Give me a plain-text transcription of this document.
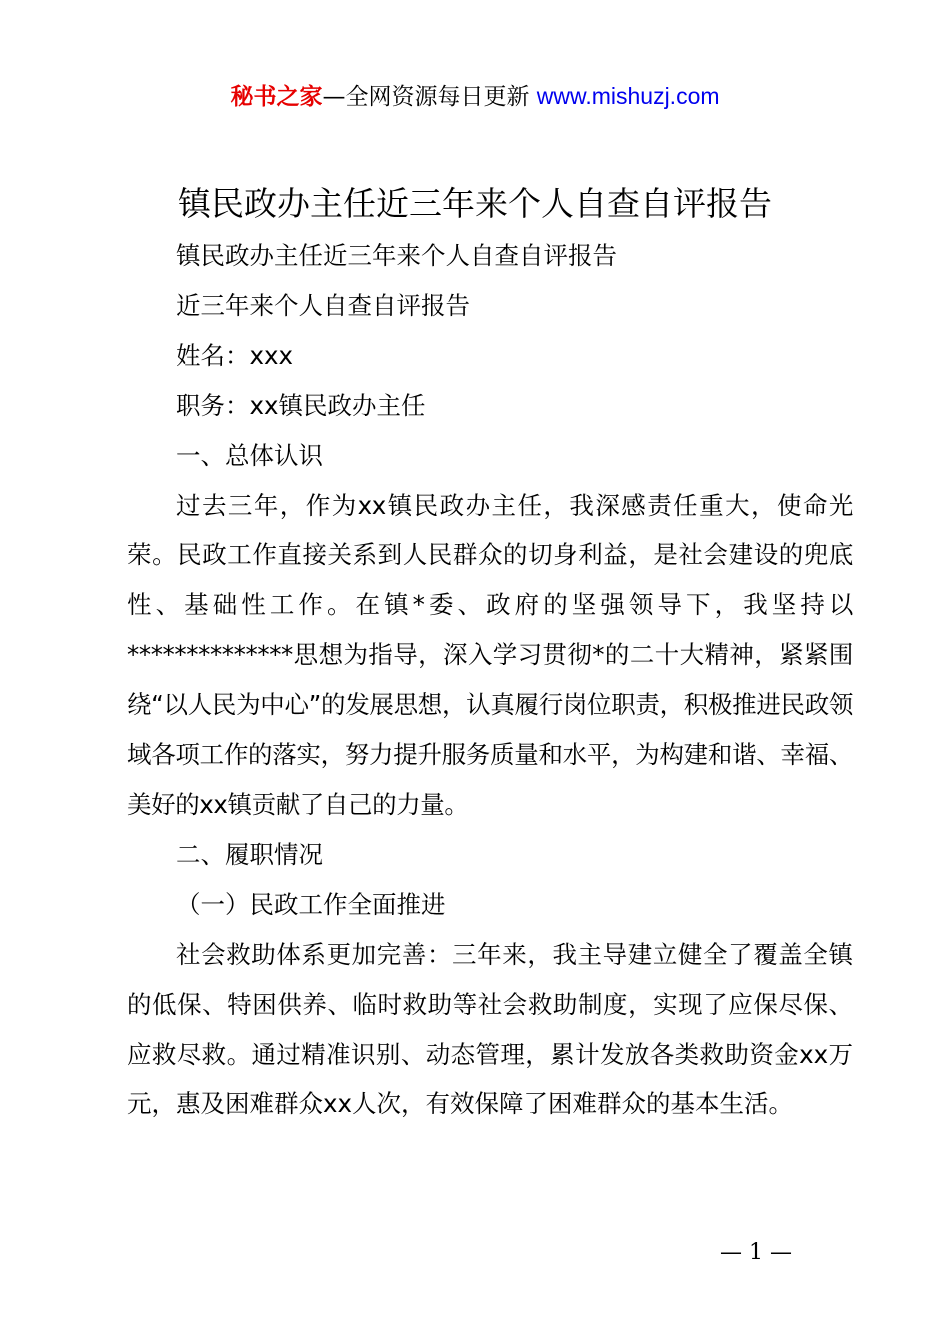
秘书之家—全网资源每日更新 www.mishuzj.com
镇民政办主任近三年来个人自查自评报告

镇民政办主任近三年来个人自查自评报告

近三年来个人自查自评报告

姓名：xxx

职务：xx镇民政办主任

一、总体认识

过去三年，作为xx镇民政办主任，我深感责任重大，使命光荣。民政工作直接关系到人民群众的切身利益，是社会建设的兜底性、基础性工作。在镇*委、政府的坚强领导下，我坚持以**************思想为指导，深入学习贯彻*的二十大精神，紧紧围绕“以人民为中心”的发展思想，认真履行岗位职责，积极推进民政领域各项工作的落实，努力提升服务质量和水平，为构建和谐、幸福、美好的xx镇贡献了自己的力量。

二、履职情况

（一）民政工作全面推进

社会救助体系更加完善：三年来，我主导建立健全了覆盖全镇的低保、特困供养、临时救助等社会救助制度，实现了应保尽保、应救尽救。通过精准识别、动态管理，累计发放各类救助资金xx万元，惠及困难群众xx人次，有效保障了困难群众的基本生活。

— 1 —
